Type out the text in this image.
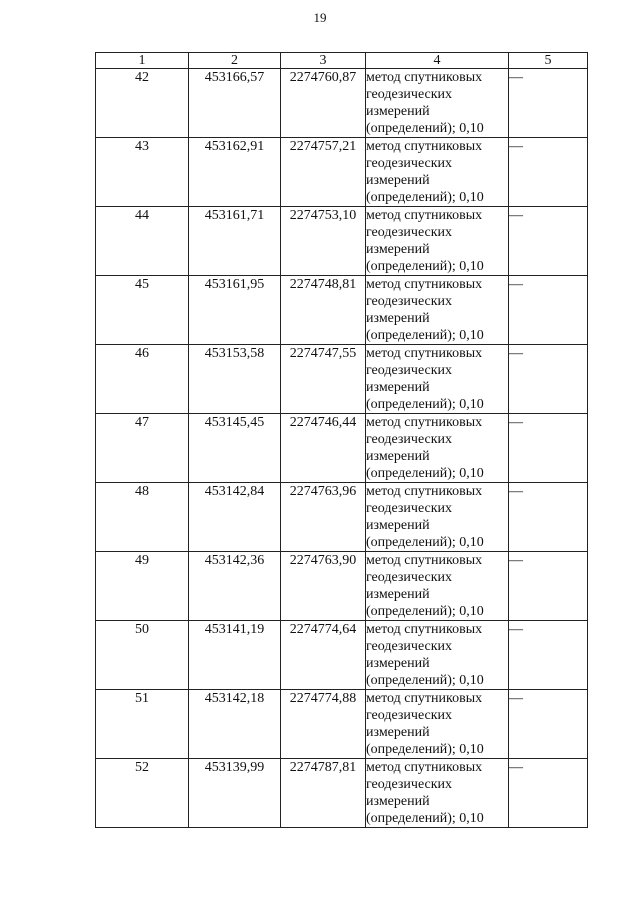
19
1	2	3	4	5
42	453166,57	2274760,87	метод спутниковых
геодезических
измерений
(определений); 0,10	—
43	453162,91	2274757,21	метод спутниковых
геодезических
измерений
(определений); 0,10	—
44	453161,71	2274753,10	метод спутниковых
геодезических
измерений
(определений); 0,10	—
45	453161,95	2274748,81	метод спутниковых
геодезических
измерений
(определений); 0,10	—
46	453153,58	2274747,55	метод спутниковых
геодезических
измерений
(определений); 0,10	—
47	453145,45	2274746,44	метод спутниковых
геодезических
измерений
(определений); 0,10	—
48	453142,84	2274763,96	метод спутниковых
геодезических
измерений
(определений); 0,10	—
49	453142,36	2274763,90	метод спутниковых
геодезических
измерений
(определений); 0,10	—
50	453141,19	2274774,64	метод спутниковых
геодезических
измерений
(определений); 0,10	—
51	453142,18	2274774,88	метод спутниковых
геодезических
измерений
(определений); 0,10	—
52	453139,99	2274787,81	метод спутниковых
геодезических
измерений
(определений); 0,10	—
